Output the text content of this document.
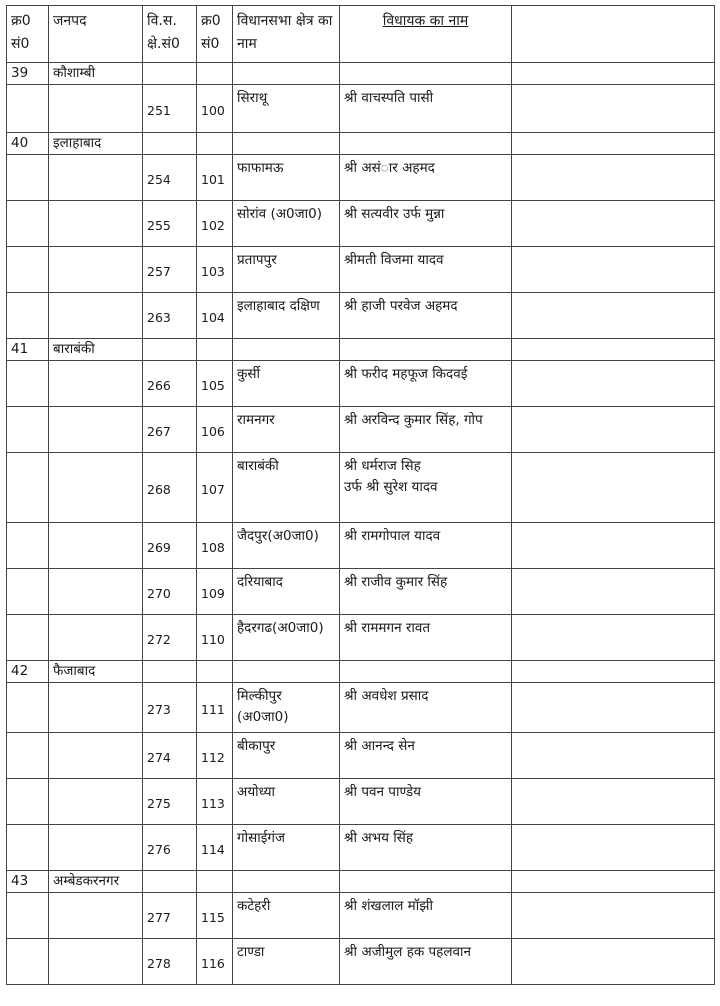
क्र0 सं0	जनपद	वि.स. क्षे.सं0	क्र0 सं0	विधानसभा क्षेत्र का नाम	विधायक का नाम	
39	कौशाम्बी					
		251	100	सिराथू	श्री वाचस्पति पासी	
40	इलाहाबाद					
		254	101	फाफामऊ	श्री असंार अहमद	
		255	102	सोरांव (अ0जा0)	श्री सत्यवीर उर्फ मुन्ना	
		257	103	प्रतापपुर	श्रीमती विजमा यादव	
		263	104	इलाहाबाद दक्षिण	श्री हाजी परवेज अहमद	
41	बाराबंकी					
		266	105	कुर्सी	श्री फरीद महफूज किदवई	
		267	106	रामनगर	श्री अरविन्द कुमार सिंह, गोप	
		268	107	बाराबंकी	श्री धर्मराज सिह
उर्फ श्री सुरेश यादव	
		269	108	जैदपुर(अ0जा0)	श्री रामगोपाल यादव	
		270	109	दरियाबाद	श्री राजीव कुमार सिंह	
		272	110	हैदरगढ(अ0जा0)	श्री राममगन रावत	
42	फैजाबाद					
		273	111	मिल्कीपुर
(अ0जा0)	श्री अवधेश प्रसाद	
		274	112	बीकापुर	श्री आनन्द सेन	
		275	113	अयोध्या	श्री पवन पाण्डेय	
		276	114	गोसाईगंज	श्री अभय सिंह	
43	अम्बेडकरनगर					
		277	115	कटेहरी	श्री शंखलाल मॉझी	
		278	116	टाण्डा	श्री अजीमुल हक पहलवान	
